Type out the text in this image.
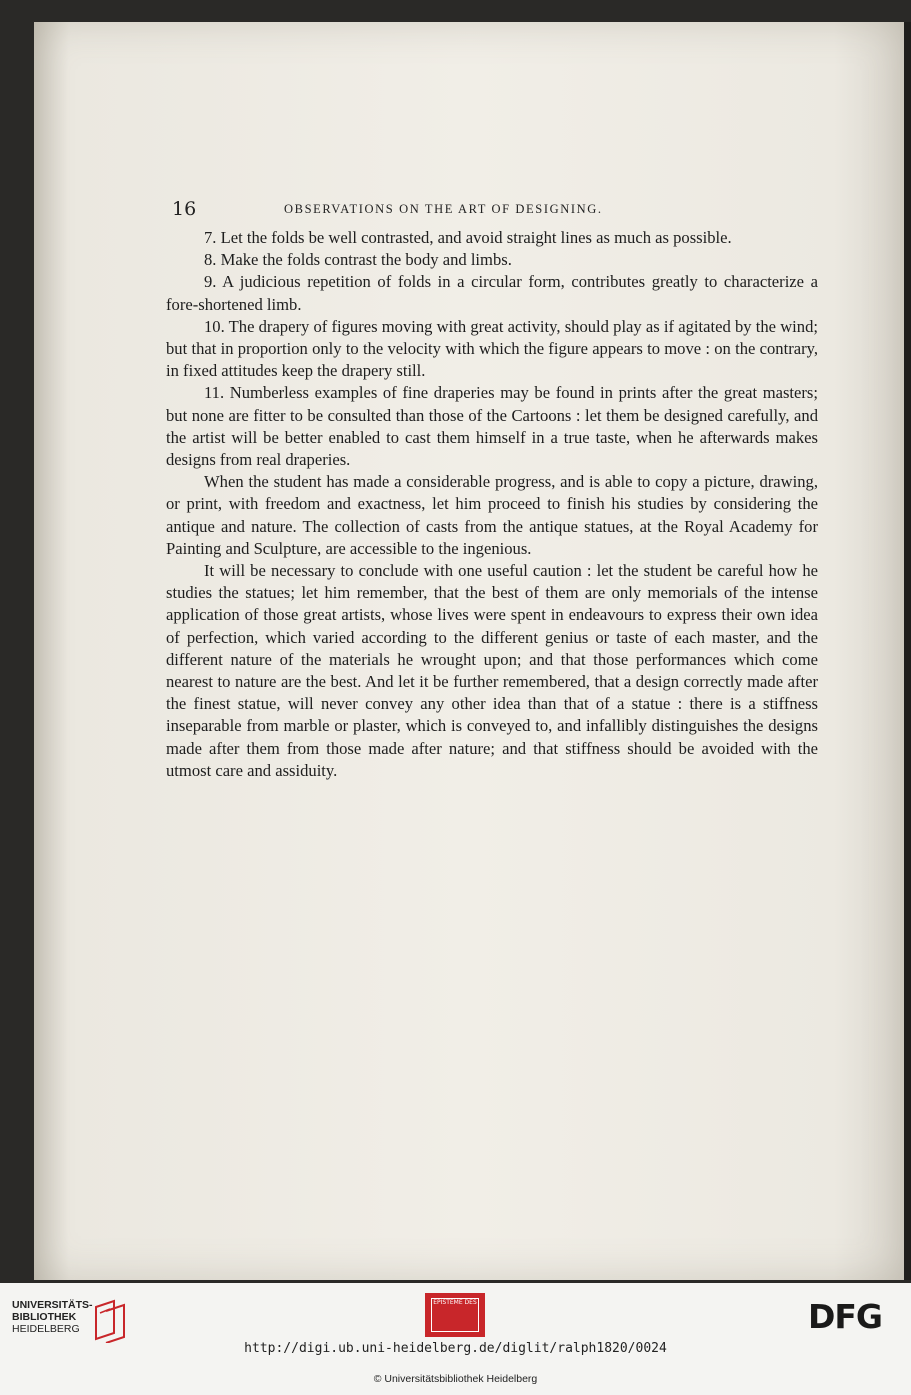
16	OBSERVATIONS ON THE ART OF DESIGNING.

7. Let the folds be well contrasted, and avoid straight lines as much as possible.

8. Make the folds contrast the body and limbs.

9. A judicious repetition of folds in a circular form, contributes greatly to characterize a fore-shortened limb.

10. The drapery of figures moving with great activity, should play as if agitated by the wind; but that in proportion only to the velocity with which the figure appears to move : on the contrary, in fixed attitudes keep the drapery still.

11. Numberless examples of fine draperies may be found in prints after the great masters; but none are fitter to be consulted than those of the Cartoons : let them be designed carefully, and the artist will be better enabled to cast them himself in a true taste, when he afterwards makes designs from real draperies.

When the student has made a considerable progress, and is able to copy a picture, drawing, or print, with freedom and exactness, let him proceed to finish his studies by considering the antique and nature. The collection of casts from the antique statues, at the Royal Academy for Painting and Sculpture, are accessible to the ingenious.

It will be necessary to conclude with one useful caution : let the student be careful how he studies the statues; let him remember, that the best of them are only memorials of the intense application of those great artists, whose lives were spent in endeavours to express their own idea of perfection, which varied according to the different genius or taste of each master, and the different nature of the materials he wrought upon; and that those performances which come nearest to nature are the best. And let it be further remembered, that a design correctly made after the finest statue, will never convey any other idea than that of a statue : there is a stiffness inseparable from marble or plaster, which is conveyed to, and infallibly distinguishes the designs made after them from those made after nature; and that stiffness should be avoided with the utmost care and assiduity.

UNIVERSITÄTS-
BIBLIOTHEK
HEIDELBERG
EPISTEME DES	DFG
http://digi.ub.uni-heidelberg.de/diglit/ralph1820/0024
© Universitätsbibliothek Heidelberg
